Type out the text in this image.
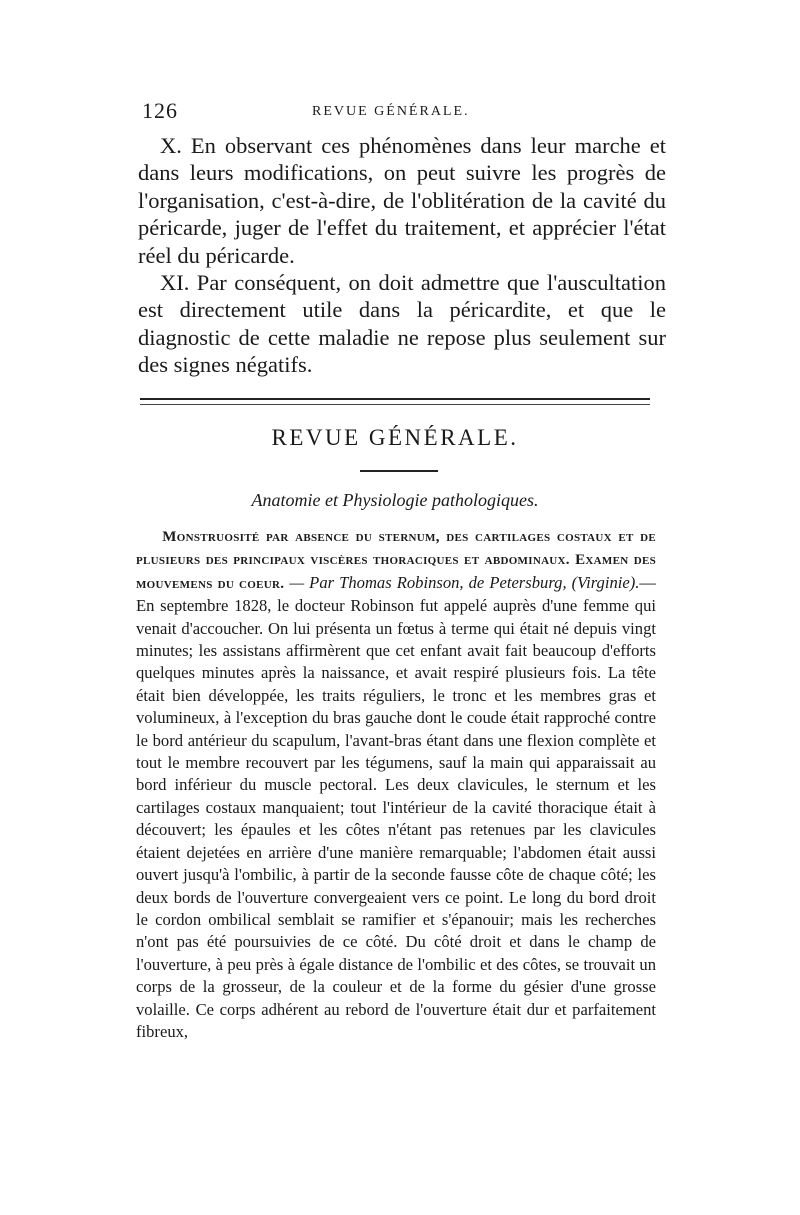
126	REVUE GÉNÉRALE.

X. En observant ces phénomènes dans leur marche et dans leurs modifications, on peut suivre les progrès de l'organisation, c'est-à-dire, de l'oblitération de la cavité du péricarde, juger de l'effet du traitement, et apprécier l'état réel du péricarde.

XI. Par conséquent, on doit admettre que l'auscultation est directement utile dans la péricardite, et que le diagnostic de cette maladie ne repose plus seulement sur des signes négatifs.

REVUE GÉNÉRALE.
Anatomie et Physiologie pathologiques.

Monstruosité par absence du sternum, des cartilages costaux et de plusieurs des principaux viscères thoraciques et abdominaux. Examen des mouvemens du coeur. — Par Thomas Robinson, de Petersburg, (Virginie).— En septembre 1828, le docteur Robinson fut appelé auprès d'une femme qui venait d'accoucher. On lui présenta un fœtus à terme qui était né depuis vingt minutes; les assistans affirmèrent que cet enfant avait fait beaucoup d'efforts quelques minutes après la naissance, et avait respiré plusieurs fois. La tête était bien développée, les traits réguliers, le tronc et les membres gras et volumineux, à l'exception du bras gauche dont le coude était rapproché contre le bord antérieur du scapulum, l'avant-bras étant dans une flexion complète et tout le membre recouvert par les tégumens, sauf la main qui apparaissait au bord inférieur du muscle pectoral. Les deux clavicules, le sternum et les cartilages costaux manquaient; tout l'intérieur de la cavité thoracique était à découvert; les épaules et les côtes n'étant pas retenues par les clavicules étaient dejetées en arrière d'une manière remarquable; l'abdomen était aussi ouvert jusqu'à l'ombilic, à partir de la seconde fausse côte de chaque côté; les deux bords de l'ouverture convergeaient vers ce point. Le long du bord droit le cordon ombilical semblait se ramifier et s'épanouir; mais les recherches n'ont pas été poursuivies de ce côté. Du côté droit et dans le champ de l'ouverture, à peu près à égale distance de l'ombilic et des côtes, se trouvait un corps de la grosseur, de la couleur et de la forme du gésier d'une grosse volaille. Ce corps adhérent au rebord de l'ouverture était dur et parfaitement fibreux,
